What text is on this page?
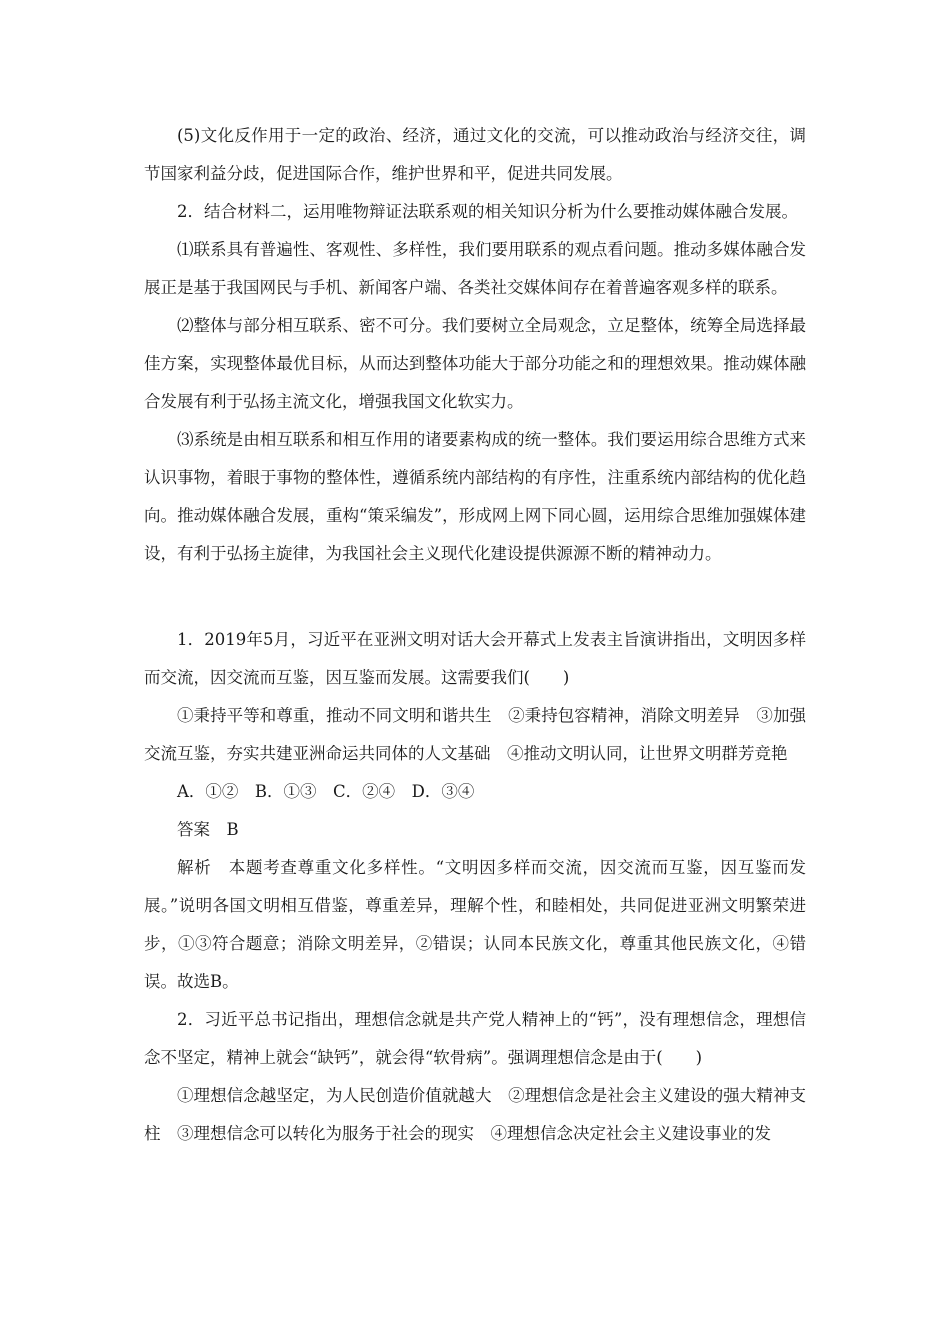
(5)文化反作用于一定的政治、经济，通过文化的交流，可以推动政治与经济交往，调节国家利益分歧，促进国际合作，维护世界和平，促进共同发展。

2．结合材料二，运用唯物辩证法联系观的相关知识分析为什么要推动媒体融合发展。

⑴联系具有普遍性、客观性、多样性，我们要用联系的观点看问题。推动多媒体融合发展正是基于我国网民与手机、新闻客户端、各类社交媒体间存在着普遍客观多样的联系。

⑵整体与部分相互联系、密不可分。我们要树立全局观念，立足整体，统筹全局选择最佳方案，实现整体最优目标，从而达到整体功能大于部分功能之和的理想效果。推动媒体融合发展有利于弘扬主流文化，增强我国文化软实力。

⑶系统是由相互联系和相互作用的诸要素构成的统一整体。我们要运用综合思维方式来认识事物，着眼于事物的整体性，遵循系统内部结构的有序性，注重系统内部结构的优化趋向。推动媒体融合发展，重构“策采编发”，形成网上网下同心圆，运用综合思维加强媒体建设，有利于弘扬主旋律，为我国社会主义现代化建设提供源源不断的精神动力。

1．2019年5月，习近平在亚洲文明对话大会开幕式上发表主旨演讲指出，文明因多样而交流，因交流而互鉴，因互鉴而发展。这需要我们(　　)

①秉持平等和尊重，推动不同文明和谐共生　②秉持包容精神，消除文明差异　③加强交流互鉴，夯实共建亚洲命运共同体的人文基础　④推动文明认同，让世界文明群芳竞艳

A．①②　B．①③　C．②④　D．③④

答案　B

解析　本题考查尊重文化多样性。“文明因多样而交流，因交流而互鉴，因互鉴而发展。”说明各国文明相互借鉴，尊重差异，理解个性，和睦相处，共同促进亚洲文明繁荣进步，①③符合题意；消除文明差异，②错误；认同本民族文化，尊重其他民族文化，④错误。故选B。

2．习近平总书记指出，理想信念就是共产党人精神上的“钙”，没有理想信念，理想信念不坚定，精神上就会“缺钙”，就会得“软骨病”。强调理想信念是由于(　　)

①理想信念越坚定，为人民创造价值就越大　②理想信念是社会主义建设的强大精神支柱　③理想信念可以转化为服务于社会的现实　④理想信念决定社会主义建设事业的发
